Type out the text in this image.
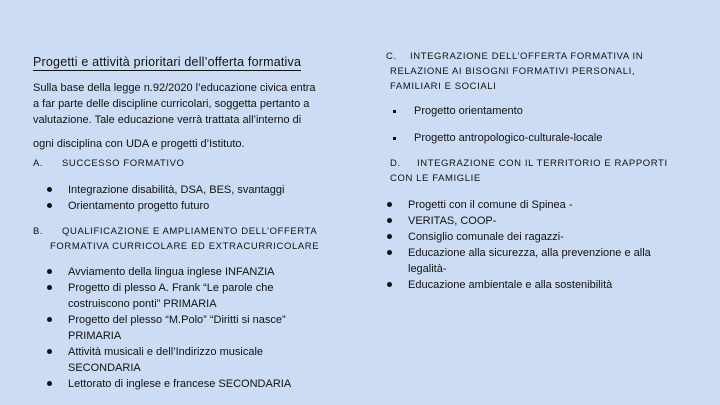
Progetti e attività prioritari dell’offerta formativa
Sulla base della legge n.92/2020 l’educazione civica entra
a far parte delle discipline curricolari, soggetta pertanto a
valutazione. Tale educazione verrà trattata all’interno di
ogni disciplina con UDA e progetti d’Istituto.
A. SUCCESSO FORMATIVO
Integrazione disabilità, DSA, BES, svantaggi
Orientamento progetto futuro
B.	QUALIFICAZIONE E AMPLIAMENTO DELL’OFFERTA
FORMATIVA CURRICOLARE ED EXTRACURRICOLARE
Avviamento della lingua inglese INFANZIA
Progetto di plesso A. Frank “Le parole che
costruiscono ponti” PRIMARIA
Progetto del plesso “M.Polo” “Diritti si nasce”
PRIMARIA
Attività musicali e dell’Indirizzo musicale
SECONDARIA
Lettorato di inglese e francese SECONDARIA
C.	INTEGRAZIONE DELL’OFFERTA FORMATIVA IN
RELAZIONE AI BISOGNI FORMATIVI PERSONALI,
FAMILIARI E SOCIALI
Progetto orientamento
Progetto antropologico-culturale-locale
D.	INTEGRAZIONE CON IL TERRITORIO E RAPPORTI
CON LE FAMIGLIE
Progetti con il comune di Spinea -
VERITAS, COOP-
Consiglio comunale dei ragazzi-
Educazione alla sicurezza, alla prevenzione e alla
legalità-
Educazione ambientale e alla sostenibilità
